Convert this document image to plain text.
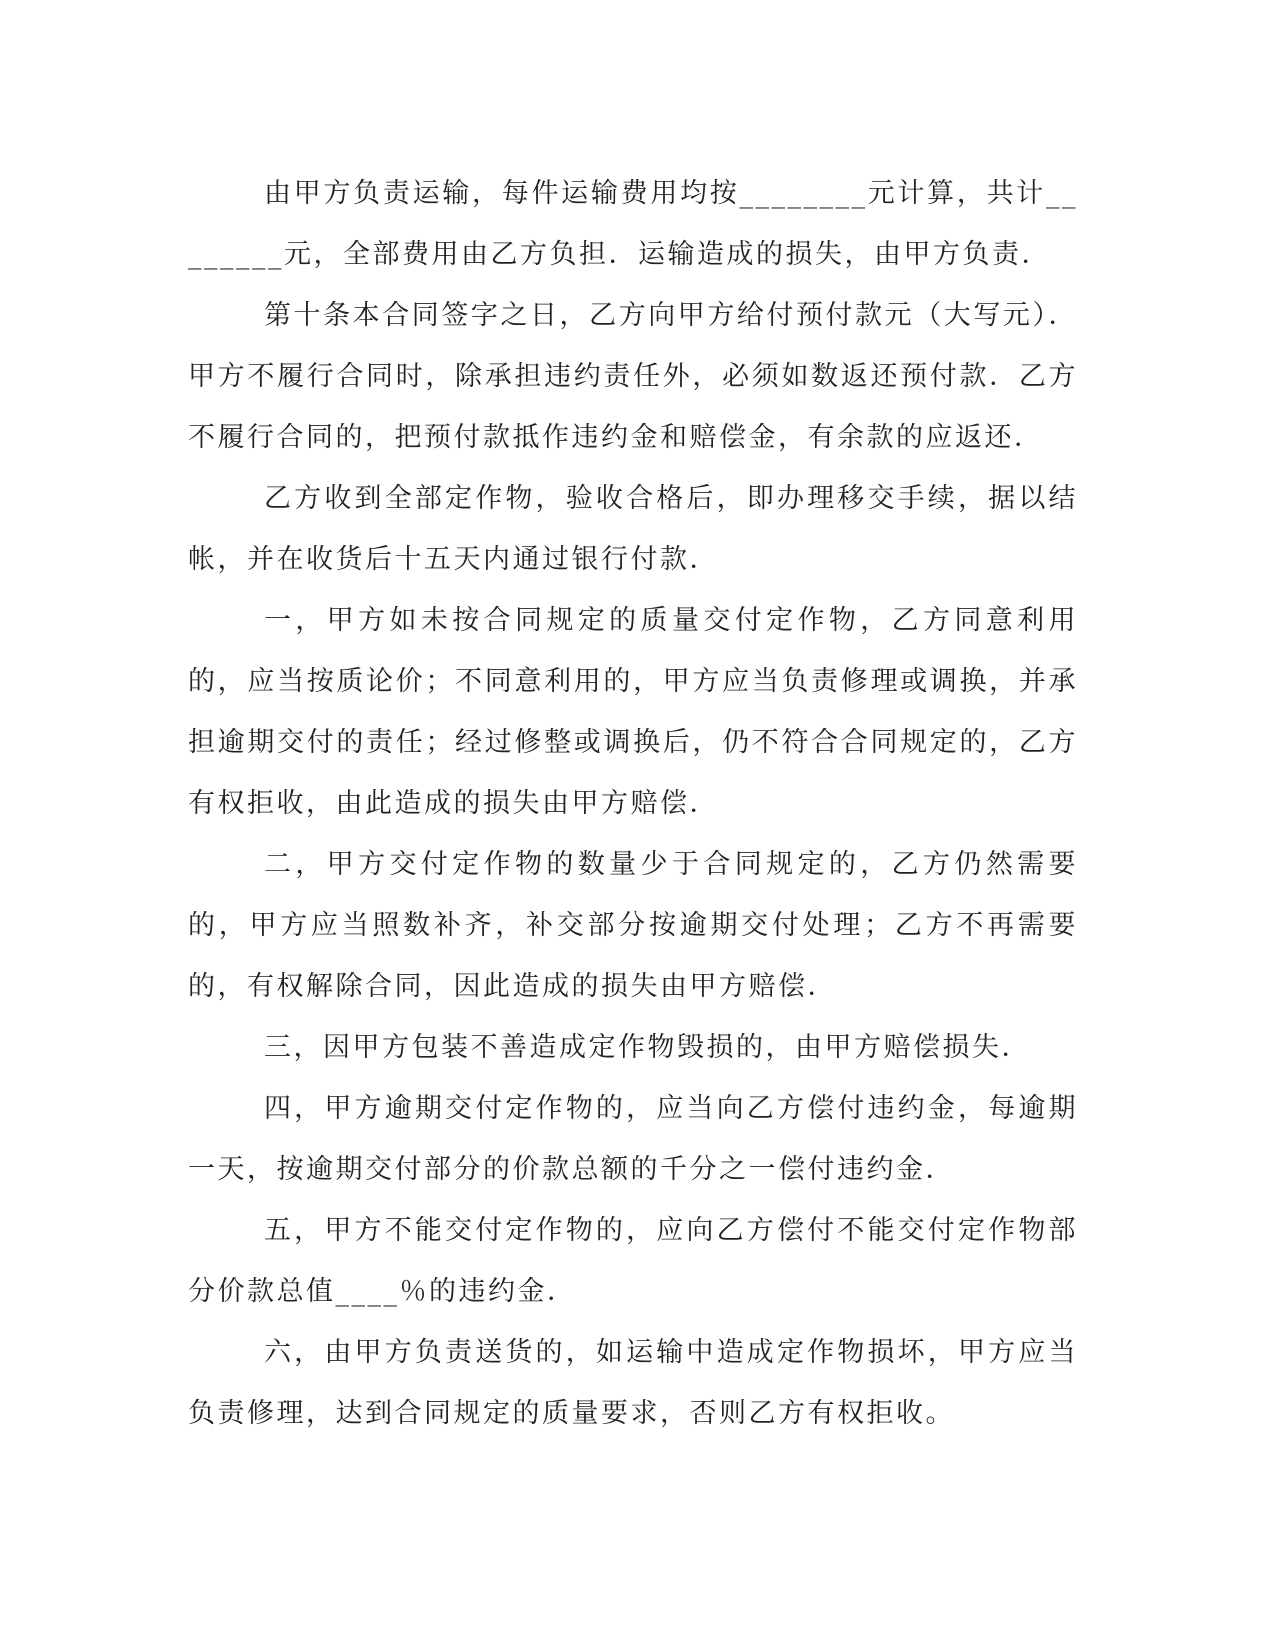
由甲方负责运输，每件运输费用均按________元计算，共计________元，全部费用由乙方负担．运输造成的损失，由甲方负责．

第十条本合同签字之日，乙方向甲方给付预付款元（大写元）．甲方不履行合同时，除承担违约责任外，必须如数返还预付款．乙方不履行合同的，把预付款抵作违约金和赔偿金，有余款的应返还．

乙方收到全部定作物，验收合格后，即办理移交手续，据以结帐，并在收货后十五天内通过银行付款．

一，甲方如未按合同规定的质量交付定作物，乙方同意利用的，应当按质论价；不同意利用的，甲方应当负责修理或调换，并承担逾期交付的责任；经过修整或调换后，仍不符合合同规定的，乙方有权拒收，由此造成的损失由甲方赔偿．

二，甲方交付定作物的数量少于合同规定的，乙方仍然需要的，甲方应当照数补齐，补交部分按逾期交付处理；乙方不再需要的，有权解除合同，因此造成的损失由甲方赔偿．

三，因甲方包装不善造成定作物毁损的，由甲方赔偿损失．

四，甲方逾期交付定作物的，应当向乙方偿付违约金，每逾期一天，按逾期交付部分的价款总额的千分之一偿付违约金．

五，甲方不能交付定作物的，应向乙方偿付不能交付定作物部分价款总值____％的违约金．

六，由甲方负责送货的，如运输中造成定作物损坏，甲方应当负责修理，达到合同规定的质量要求，否则乙方有权拒收。
